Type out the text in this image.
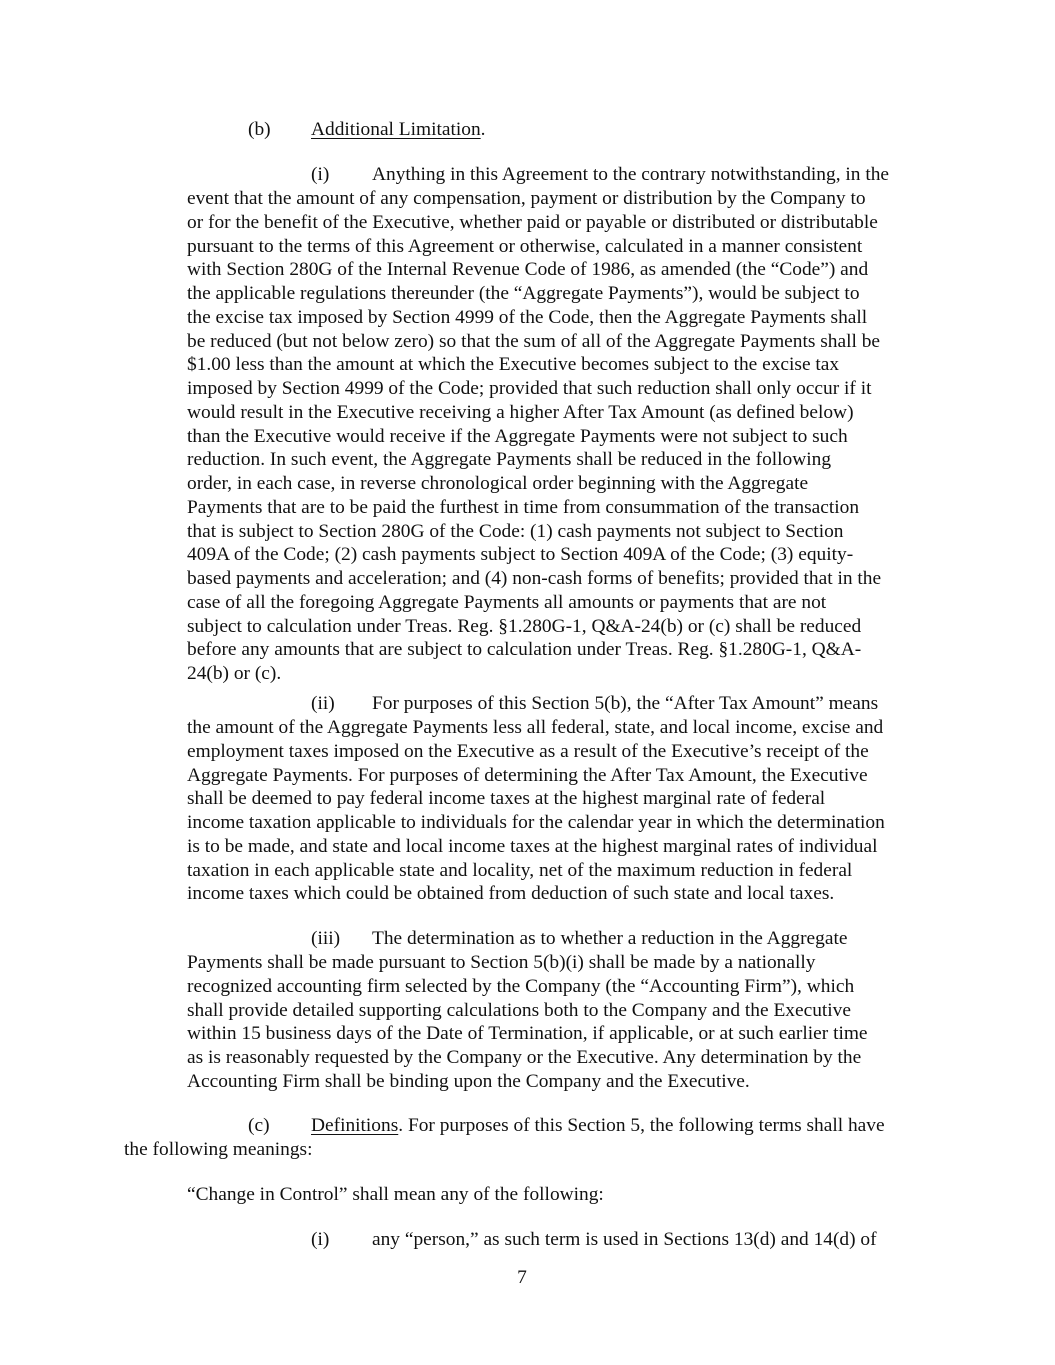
(b) Additional Limitation.

(i) Anything in this Agreement to the contrary notwithstanding, in the
event that the amount of any compensation, payment or distribution by the Company to
or for the benefit of the Executive, whether paid or payable or distributed or distributable
pursuant to the terms of this Agreement or otherwise, calculated in a manner consistent
with Section 280G of the Internal Revenue Code of 1986, as amended (the “Code”) and
the applicable regulations thereunder (the “Aggregate Payments”), would be subject to
the excise tax imposed by Section 4999 of the Code, then the Aggregate Payments shall
be reduced (but not below zero) so that the sum of all of the Aggregate Payments shall be
$1.00 less than the amount at which the Executive becomes subject to the excise tax
imposed by Section 4999 of the Code; provided that such reduction shall only occur if it
would result in the Executive receiving a higher After Tax Amount (as defined below)
than the Executive would receive if the Aggregate Payments were not subject to such
reduction. In such event, the Aggregate Payments shall be reduced in the following
order, in each case, in reverse chronological order beginning with the Aggregate
Payments that are to be paid the furthest in time from consummation of the transaction
that is subject to Section 280G of the Code: (1) cash payments not subject to Section
409A of the Code; (2) cash payments subject to Section 409A of the Code; (3) equity-
based payments and acceleration; and (4) non-cash forms of benefits; provided that in the
case of all the foregoing Aggregate Payments all amounts or payments that are not
subject to calculation under Treas. Reg. §1.280G-1, Q&A-24(b) or (c) shall be reduced
before any amounts that are subject to calculation under Treas. Reg. §1.280G-1, Q&A-
24(b) or (c).
(ii) For purposes of this Section 5(b), the “After Tax Amount” means
the amount of the Aggregate Payments less all federal, state, and local income, excise and
employment taxes imposed on the Executive as a result of the Executive’s receipt of the
Aggregate Payments. For purposes of determining the After Tax Amount, the Executive
shall be deemed to pay federal income taxes at the highest marginal rate of federal
income taxation applicable to individuals for the calendar year in which the determination
is to be made, and state and local income taxes at the highest marginal rates of individual
taxation in each applicable state and locality, net of the maximum reduction in federal
income taxes which could be obtained from deduction of such state and local taxes.
(iii) The determination as to whether a reduction in the Aggregate
Payments shall be made pursuant to Section 5(b)(i) shall be made by a nationally
recognized accounting firm selected by the Company (the “Accounting Firm”), which
shall provide detailed supporting calculations both to the Company and the Executive
within 15 business days of the Date of Termination, if applicable, or at such earlier time
as is reasonably requested by the Company or the Executive. Any determination by the
Accounting Firm shall be binding upon the Company and the Executive.
(c) Definitions. For purposes of this Section 5, the following terms shall have
the following meanings:
“Change in Control” shall mean any of the following:
(i) any “person,” as such term is used in Sections 13(d) and 14(d) of
7
